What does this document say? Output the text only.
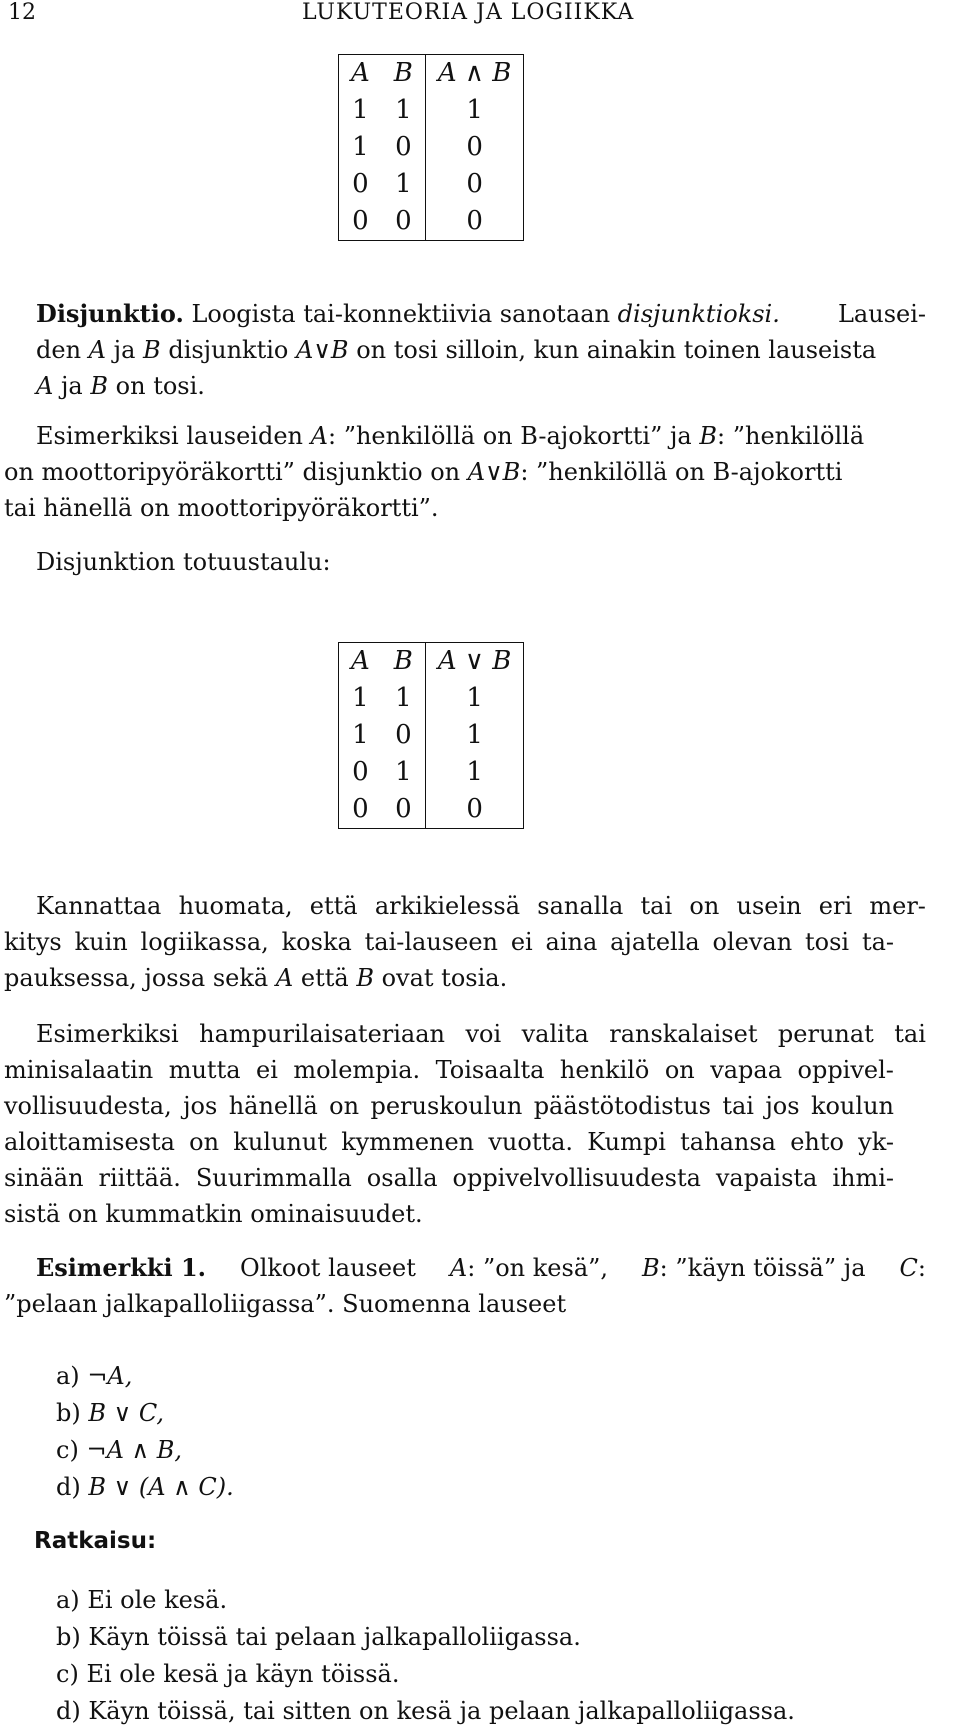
12	LUKUTEORIA JA LOGIIKKA
A	B	A ∧ B
1	1	1
1	0	0
0	1	0
0	0	0
Disjunktio. Loogista tai-konnektiivia sanotaan disjunktioksi. Lausei-
den A ja B disjunktio A∨B on tosi silloin, kun ainakin toinen lauseista
A ja B on tosi.
Esimerkiksi lauseiden A: ”henkilöllä on B-ajokortti” ja B: ”henkilöllä
on moottoripyöräkortti” disjunktio on A∨B: ”henkilöllä on B-ajokortti
tai hänellä on moottoripyöräkortti”.
Disjunktion totuustaulu:
A	B	A ∨ B
1	1	1
1	0	1
0	1	1
0	0	0
Kannattaa huomata, että arkikielessä sanalla tai on usein eri mer-
kitys kuin logiikassa, koska tai-lauseen ei aina ajatella olevan tosi ta-
pauksessa, jossa sekä A että B ovat tosia.
Esimerkiksi hampurilaisateriaan voi valita ranskalaiset perunat tai
minisalaatin mutta ei molempia. Toisaalta henkilö on vapaa oppivel-
vollisuudesta, jos hänellä on peruskoulun päästötodistus tai jos koulun
aloittamisesta on kulunut kymmenen vuotta. Kumpi tahansa ehto yk-
sinään riittää. Suurimmalla osalla oppivelvollisuudesta vapaista ihmi-
sistä on kummatkin ominaisuudet.
Esimerkki 1. Olkoot lauseet A: ”on kesä”, B: ”käyn töissä” ja C:
”pelaan jalkapalloliigassa”. Suomenna lauseet
a) ¬A,
b) B ∨ C,
c) ¬A ∧ B,
d) B ∨ (A ∧ C).
Ratkaisu:
a) Ei ole kesä.
b) Käyn töissä tai pelaan jalkapalloliigassa.
c) Ei ole kesä ja käyn töissä.
d) Käyn töissä, tai sitten on kesä ja pelaan jalkapalloliigassa.
